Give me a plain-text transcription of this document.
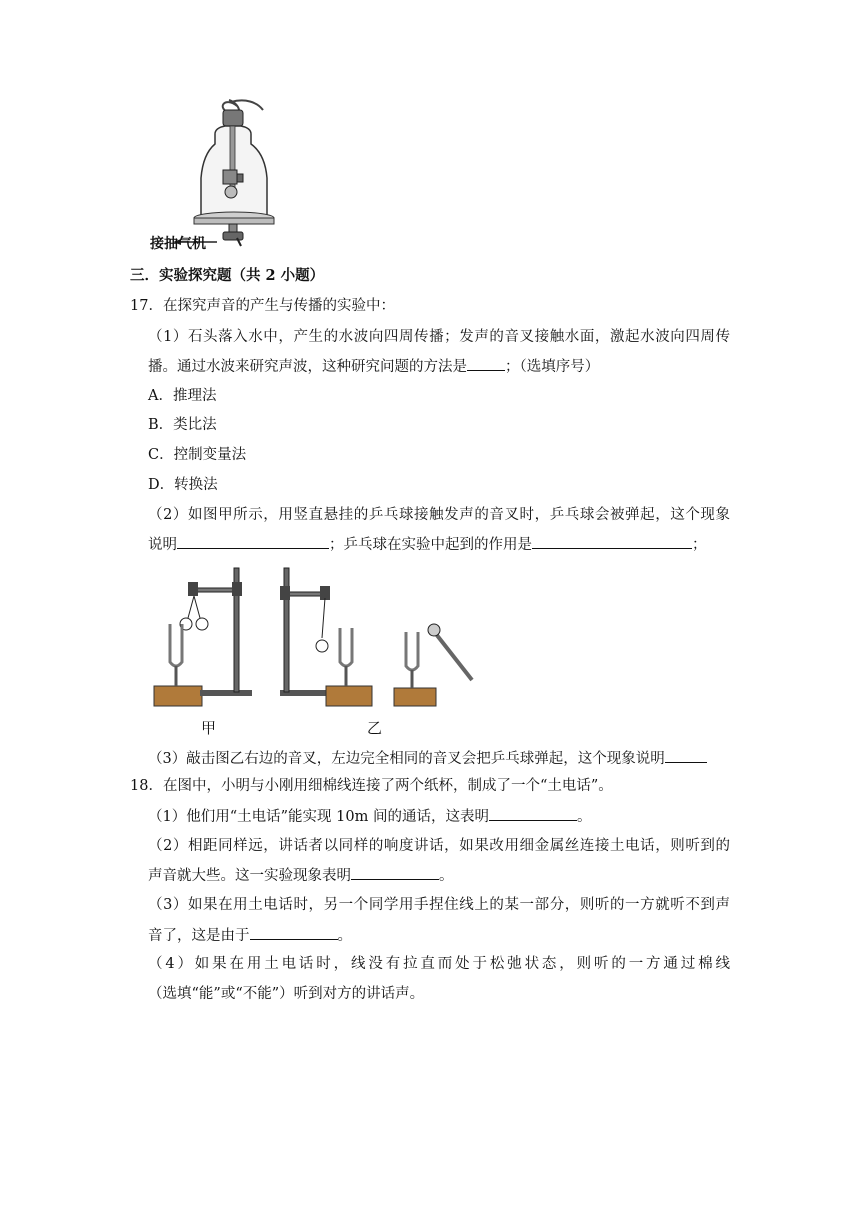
接抽气机
三．实验探究题（共 2 小题）
17．在探究声音的产生与传播的实验中：
（1）石头落入水中，产生的水波向四周传播；发声的音叉接触水面，激起水波向四周传
播。通过水波来研究声波，这种研究问题的方法是	；（选填序号）
A．推理法
B．类比法
C．控制变量法
D．转换法
（2）如图甲所示，用竖直悬挂的乒乓球接触发声的音叉时，乒乓球会被弹起，这个现象
说明	；乒乓球在实验中起到的作用是	；
甲	乙
（3）敲击图乙右边的音叉，左边完全相同的音叉会把乒乓球弹起，这个现象说明
18．在图中，小明与小刚用细棉线连接了两个纸杯，制成了一个“土电话”。
（1）他们用“土电话”能实现 10m 间的通话，这表明	。
（2）相距同样远，讲话者以同样的响度讲话，如果改用细金属丝连接土电话，则听到的
声音就大些。这一实验现象表明	。
（3）如果在用土电话时，另一个同学用手捏住线上的某一部分，则听的一方就听不到声
音了，这是由于	。
（4）如果在用土电话时，线没有拉直而处于松弛状态，则听的一方通过棉线
（选填“能”或“不能”）听到对方的讲话声。
